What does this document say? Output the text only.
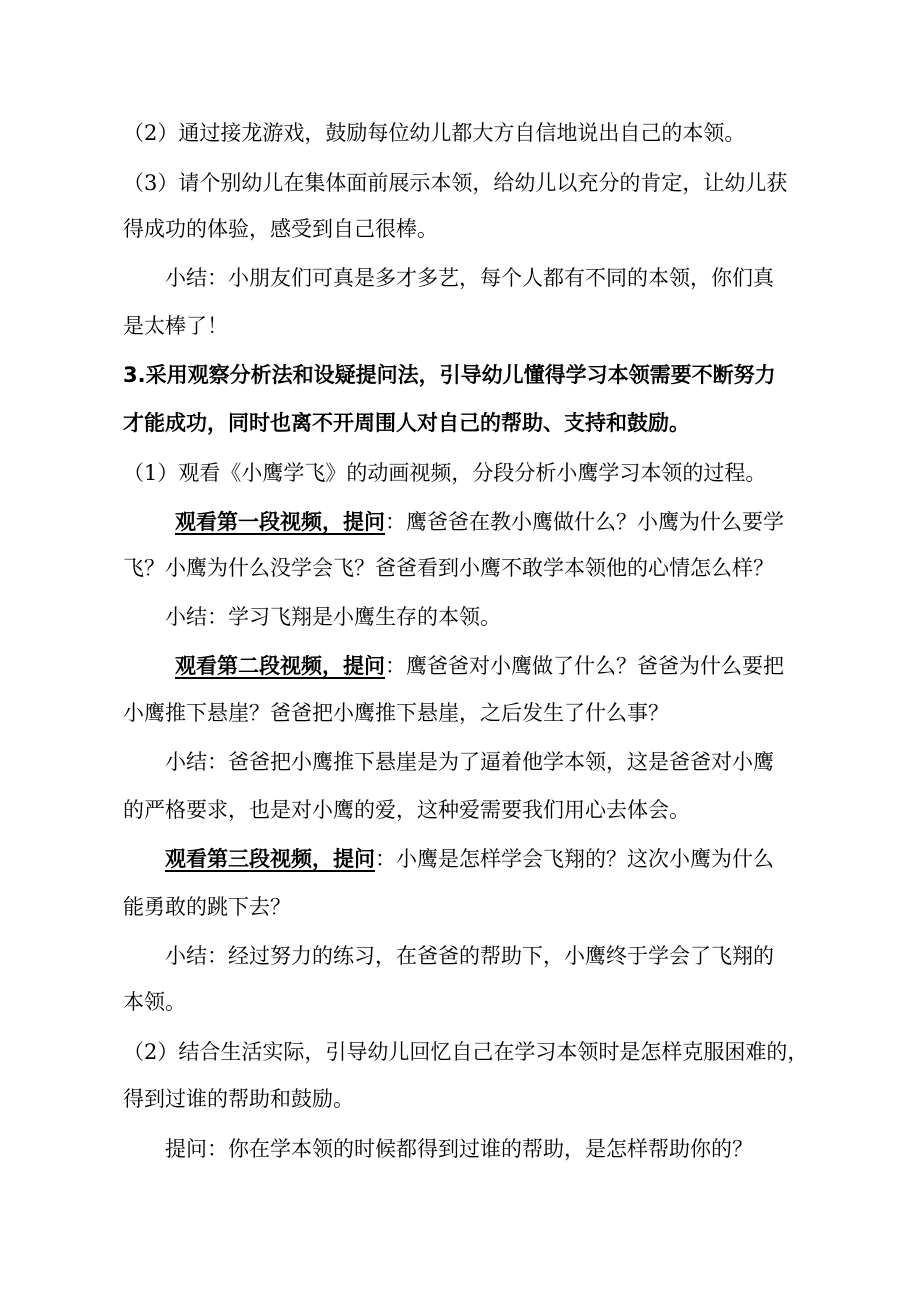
（2）通过接龙游戏，鼓励每位幼儿都大方自信地说出自己的本领。
（3）请个别幼儿在集体面前展示本领，给幼儿以充分的肯定，让幼儿获
得成功的体验，感受到自己很棒。
小结：小朋友们可真是多才多艺，每个人都有不同的本领，你们真
是太棒了！
3.采用观察分析法和设疑提问法，引导幼儿懂得学习本领需要不断努力
才能成功，同时也离不开周围人对自己的帮助、支持和鼓励。
（1）观看《小鹰学飞》的动画视频，分段分析小鹰学习本领的过程。
观看第一段视频，提问：鹰爸爸在教小鹰做什么？小鹰为什么要学
飞？小鹰为什么没学会飞？爸爸看到小鹰不敢学本领他的心情怎么样？
小结：学习飞翔是小鹰生存的本领。
观看第二段视频，提问：鹰爸爸对小鹰做了什么？爸爸为什么要把
小鹰推下悬崖？爸爸把小鹰推下悬崖，之后发生了什么事？
小结：爸爸把小鹰推下悬崖是为了逼着他学本领，这是爸爸对小鹰
的严格要求，也是对小鹰的爱，这种爱需要我们用心去体会。
观看第三段视频，提问：小鹰是怎样学会飞翔的？这次小鹰为什么
能勇敢的跳下去？
小结：经过努力的练习，在爸爸的帮助下，小鹰终于学会了飞翔的
本领。
（2）结合生活实际，引导幼儿回忆自己在学习本领时是怎样克服困难的，
得到过谁的帮助和鼓励。
提问：你在学本领的时候都得到过谁的帮助，是怎样帮助你的？
